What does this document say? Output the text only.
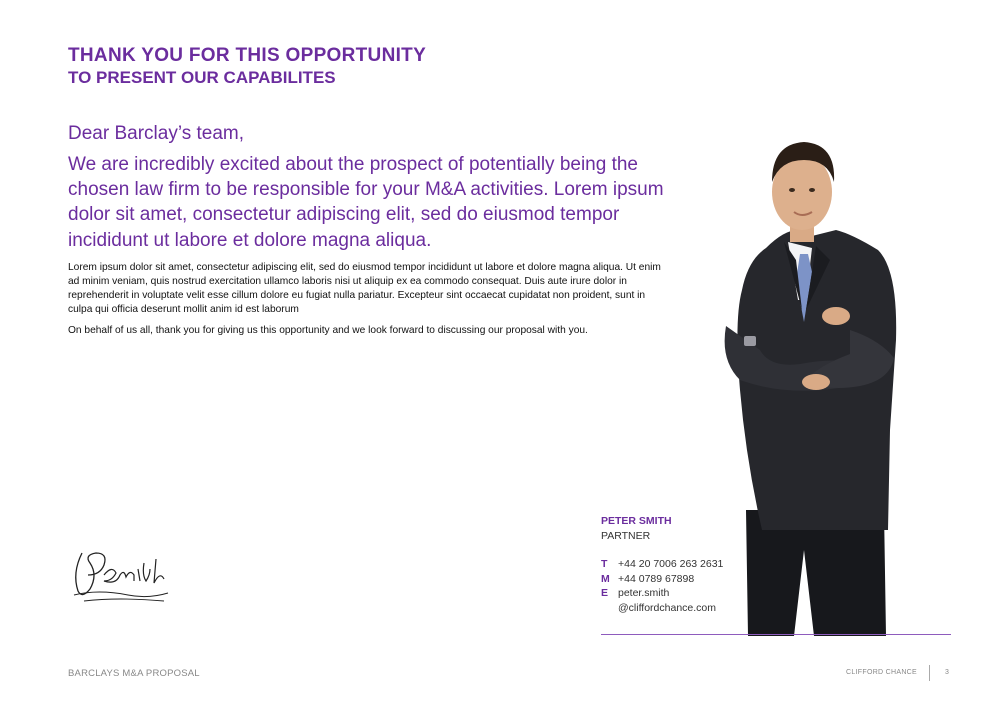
THANK YOU FOR THIS OPPORTUNITY
TO PRESENT OUR CAPABILITES

Dear Barclay’s team,

We are incredibly excited about the prospect of potentially being the chosen law firm to be responsible for your M&A activities. Lorem ipsum dolor sit amet, consectetur adipiscing elit, sed do eiusmod tempor incididunt ut labore et dolore magna aliqua.

Lorem ipsum dolor sit amet, consectetur adipiscing elit, sed do eiusmod tempor incididunt ut labore et dolore magna aliqua. Ut enim ad minim veniam, quis nostrud exercitation ullamco laboris nisi ut aliquip ex ea commodo consequat. Duis aute irure dolor in reprehenderit in voluptate velit esse cillum dolore eu fugiat nulla pariatur. Excepteur sint occaecat cupidatat non proident, sunt in culpa qui officia deserunt mollit anim id est laborum

On behalf of us all, thank you for giving us this opportunity and we look forward to discussing our proposal with you.

PETER SMITH
PARTNER
T	+44 20 7006 263 2631
M +44 0789 67898
E peter.smith
@cliffordchance.com
BARCLAYS M&A PROPOSAL	CLIFFORD CHANCE	3
